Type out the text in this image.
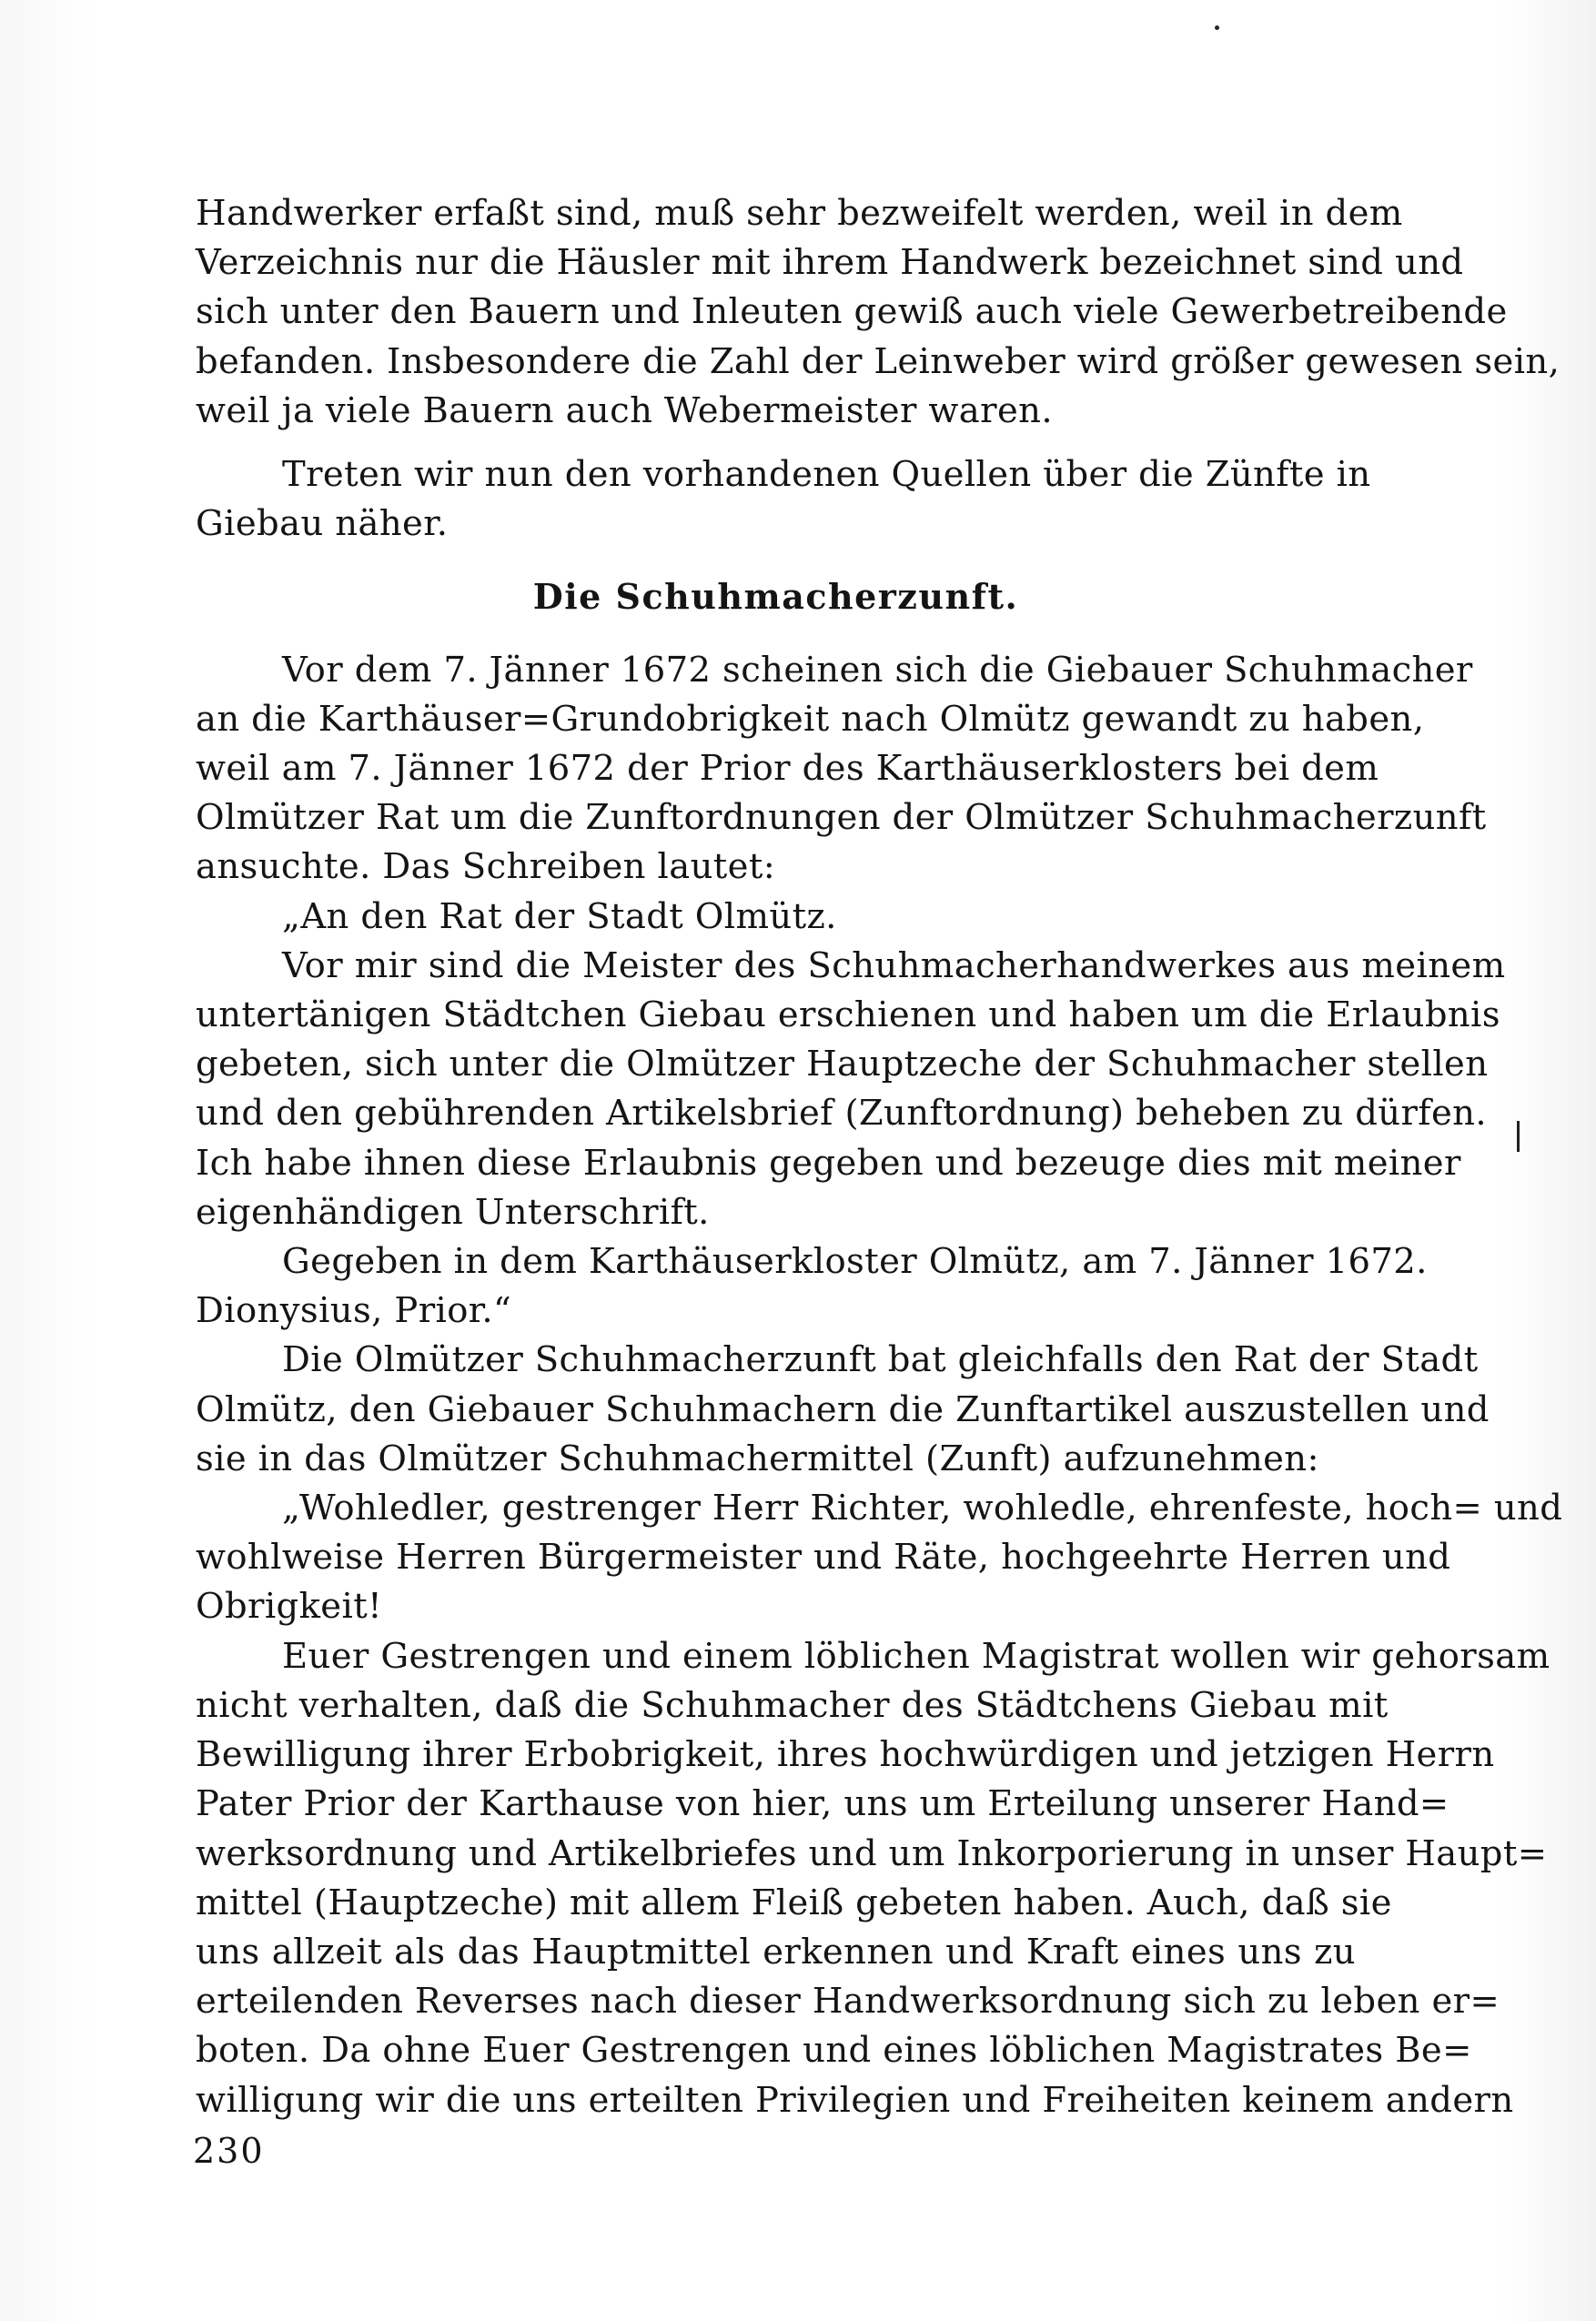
Handwerker erfaßt sind, muß sehr bezweifelt werden, weil in dem
Verzeichnis nur die Häusler mit ihrem Handwerk bezeichnet sind und
sich unter den Bauern und Inleuten gewiß auch viele Gewerbetreibende
befanden. Insbesondere die Zahl der Leinweber wird größer gewesen sein,
weil ja viele Bauern auch Webermeister waren.

Treten wir nun den vorhandenen Quellen über die Zünfte in
Giebau näher.

Die Schuhmacherzunft.

Vor dem 7. Jänner 1672 scheinen sich die Giebauer Schuhmacher
an die Karthäuser=Grundobrigkeit nach Olmütz gewandt zu haben,
weil am 7. Jänner 1672 der Prior des Karthäuserklosters bei dem
Olmützer Rat um die Zunftordnungen der Olmützer Schuhmacherzunft
ansuchte. Das Schreiben lautet:

„An den Rat der Stadt Olmütz.

Vor mir sind die Meister des Schuhmacherhandwerkes aus meinem
untertänigen Städtchen Giebau erschienen und haben um die Erlaubnis
gebeten, sich unter die Olmützer Hauptzeche der Schuhmacher stellen
und den gebührenden Artikelsbrief (Zunftordnung) beheben zu dürfen.
Ich habe ihnen diese Erlaubnis gegeben und bezeuge dies mit meiner
eigenhändigen Unterschrift.

Gegeben in dem Karthäuserkloster Olmütz, am 7. Jänner 1672.

Dionysius, Prior.“

Die Olmützer Schuhmacherzunft bat gleichfalls den Rat der Stadt
Olmütz, den Giebauer Schuhmachern die Zunftartikel auszustellen und
sie in das Olmützer Schuhmachermittel (Zunft) aufzunehmen:

„Wohledler, gestrenger Herr Richter, wohledle, ehrenfeste, hoch= und
wohlweise Herren Bürgermeister und Räte, hochgeehrte Herren und
Obrigkeit!

Euer Gestrengen und einem löblichen Magistrat wollen wir gehorsam
nicht verhalten, daß die Schuhmacher des Städtchens Giebau mit
Bewilligung ihrer Erbobrigkeit, ihres hochwürdigen und jetzigen Herrn
Pater Prior der Karthause von hier, uns um Erteilung unserer Hand=
werksordnung und Artikelbriefes und um Inkorporierung in unser Haupt=
mittel (Hauptzeche) mit allem Fleiß gebeten haben. Auch, daß sie
uns allzeit als das Hauptmittel erkennen und Kraft eines uns zu
erteilenden Reverses nach dieser Handwerksordnung sich zu leben er=
boten. Da ohne Euer Gestrengen und eines löblichen Magistrates Be=
willigung wir die uns erteilten Privilegien und Freiheiten keinem andern

230
